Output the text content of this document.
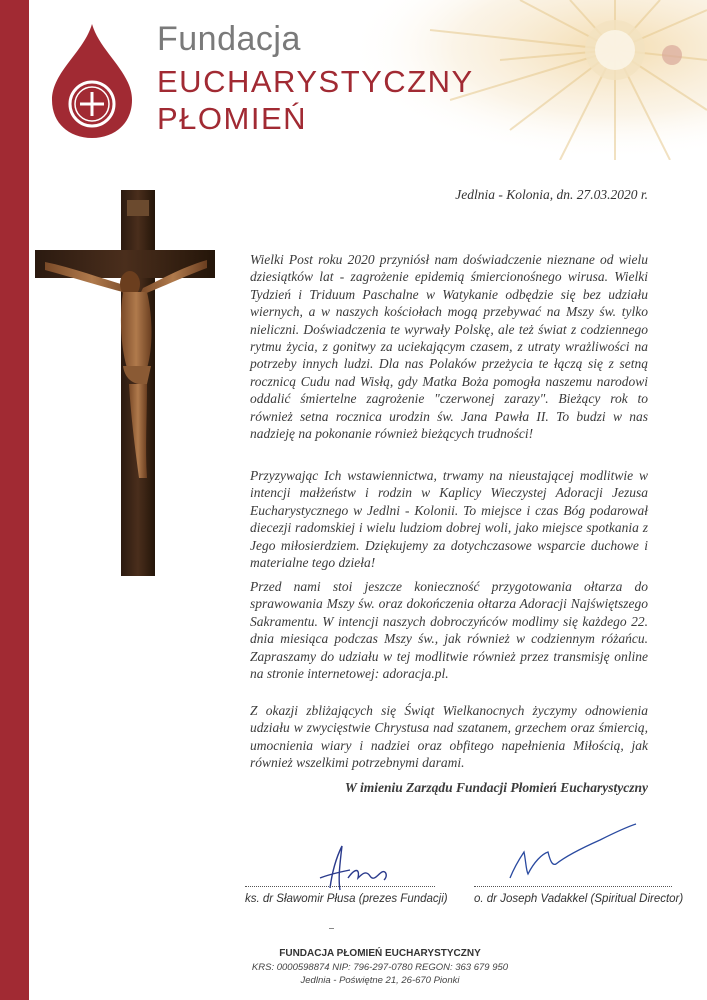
Fundacja
EUCHARYSTYCZNY
PŁOMIEŃ
Jedlnia - Kolonia, dn. 27.03.2020 r.

Wielki Post roku 2020 przyniósł nam doświadczenie nieznane od wielu dziesiątków lat - zagrożenie epidemią śmiercionośnego wirusa. Wielki Tydzień i Triduum Paschalne w Watykanie odbędzie się bez udziału wiernych, a w naszych kościołach mogą przebywać na Mszy św. tylko nieliczni. Doświadczenia te wyrwały Polskę, ale też świat z codziennego rytmu życia, z gonitwy za uciekającym czasem, z utraty wrażliwości na potrzeby innych ludzi. Dla nas Polaków przeżycia te łączą się z setną rocznicą Cudu nad Wisłą, gdy Matka Boża pomogła naszemu narodowi oddalić śmiertelne zagrożenie "czerwonej zarazy". Bieżący rok to również setna rocznica urodzin św. Jana Pawła II. To budzi w nas nadzieję na pokonanie również bieżących trudności!

Przyzywając Ich wstawiennictwa, trwamy na nieustającej modlitwie w intencji małżeństw i rodzin w Kaplicy Wieczystej Adoracji Jezusa Eucharystycznego w Jedlni - Kolonii. To miejsce i czas Bóg podarował diecezji radomskiej i wielu ludziom dobrej woli, jako miejsce spotkania z Jego miłosierdziem. Dziękujemy za dotychczasowe wsparcie duchowe i materialne tego dzieła!

Przed nami stoi jeszcze konieczność przygotowania ołtarza do sprawowania Mszy św. oraz dokończenia ołtarza Adoracji Najświętszego Sakramentu. W intencji naszych dobroczyńców modlimy się każdego 22. dnia miesiąca podczas Mszy św., jak również w codziennym różańcu. Zapraszamy do udziału w tej modlitwie również przez transmisję online na stronie internetowej: adoracja.pl.

Z okazji zbliżających się Świąt Wielkanocnych życzymy odnowienia udziału w zwycięstwie Chrystusa nad szatanem, grzechem oraz śmiercią, umocnienia wiary i nadziei oraz obfitego napełnienia Miłością, jak również wszelkimi potrzebnymi darami.

W imieniu Zarządu Fundacji Płomień Eucharystyczny
ks. dr Sławomir Płusa (prezes Fundacji) o. dr Joseph Vadakkel (Spiritual Director)
FUNDACJA PŁOMIEŃ EUCHARYSTYCZNY
KRS: 0000598874 NIP: 796-297-0780 REGON: 363 679 950
Jedlnia - Poświętne 21, 26-670 Pionki
